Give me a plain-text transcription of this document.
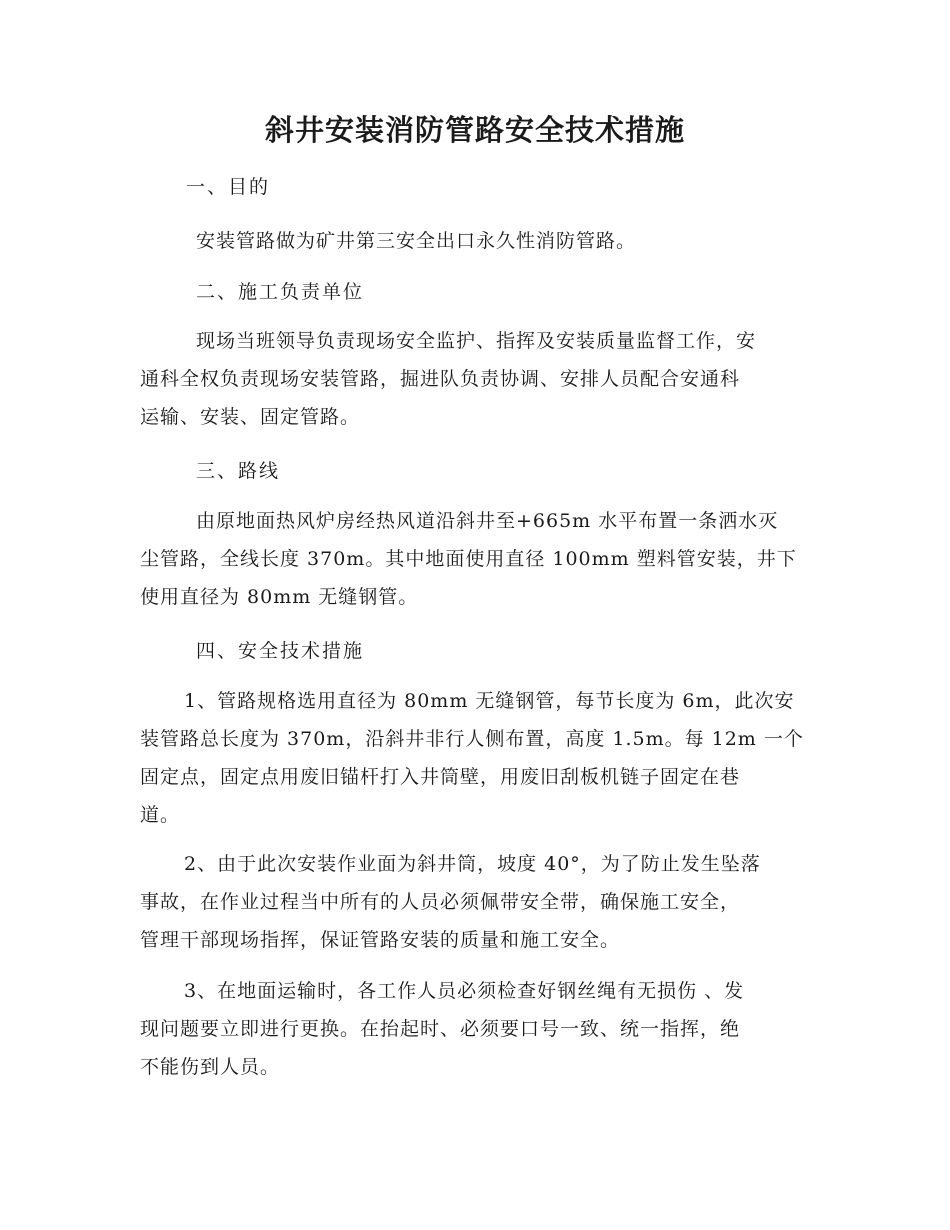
斜井安装消防管路安全技术措施

一、目的

安装管路做为矿井第三安全出口永久性消防管路。

二、施工负责单位

现场当班领导负责现场安全监护、指挥及安装质量监督工作，安
通科全权负责现场安装管路，掘进队负责协调、安排人员配合安通科
运输、安装、固定管路。

三、路线

由原地面热风炉房经热风道沿斜井至+665m 水平布置一条洒水灭
尘管路，全线长度 370m。其中地面使用直径 100mm 塑料管安装，井下
使用直径为 80mm 无缝钢管。

四、安全技术措施

1、管路规格选用直径为 80mm 无缝钢管，每节长度为 6m，此次安
装管路总长度为 370m，沿斜井非行人侧布置，高度 1.5m。每 12m 一个
固定点，固定点用废旧锚杆打入井筒壁，用废旧刮板机链子固定在巷
道。
2、由于此次安装作业面为斜井筒，坡度 40°，为了防止发生坠落
事故，在作业过程当中所有的人员必须佩带安全带，确保施工安全，
管理干部现场指挥，保证管路安装的质量和施工安全。
3、在地面运输时，各工作人员必须检查好钢丝绳有无损伤 、发
现问题要立即进行更换。在抬起时、必须要口号一致、统一指挥，绝
不能伤到人员。
